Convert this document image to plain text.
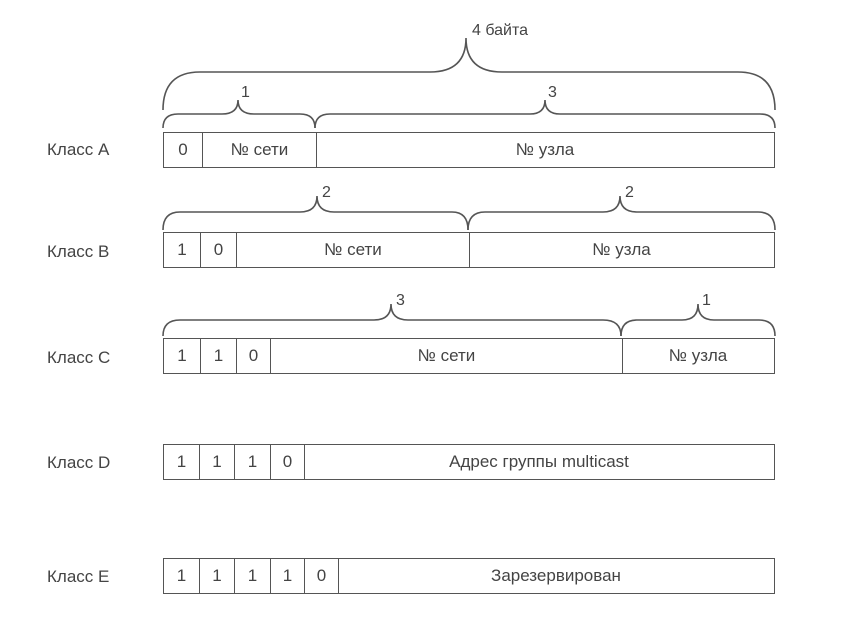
4 байта
Класс A
1	3
0	№ сети	№ узла
Класс B
2	2
1	0	№ сети	№ узла
Класс C
3	1
1	1	0	№ сети	№ узла
Класс D	1	1	1	0	Адрес группы multicast
Класс E	1	1	1	1	0	Зарезервирован
